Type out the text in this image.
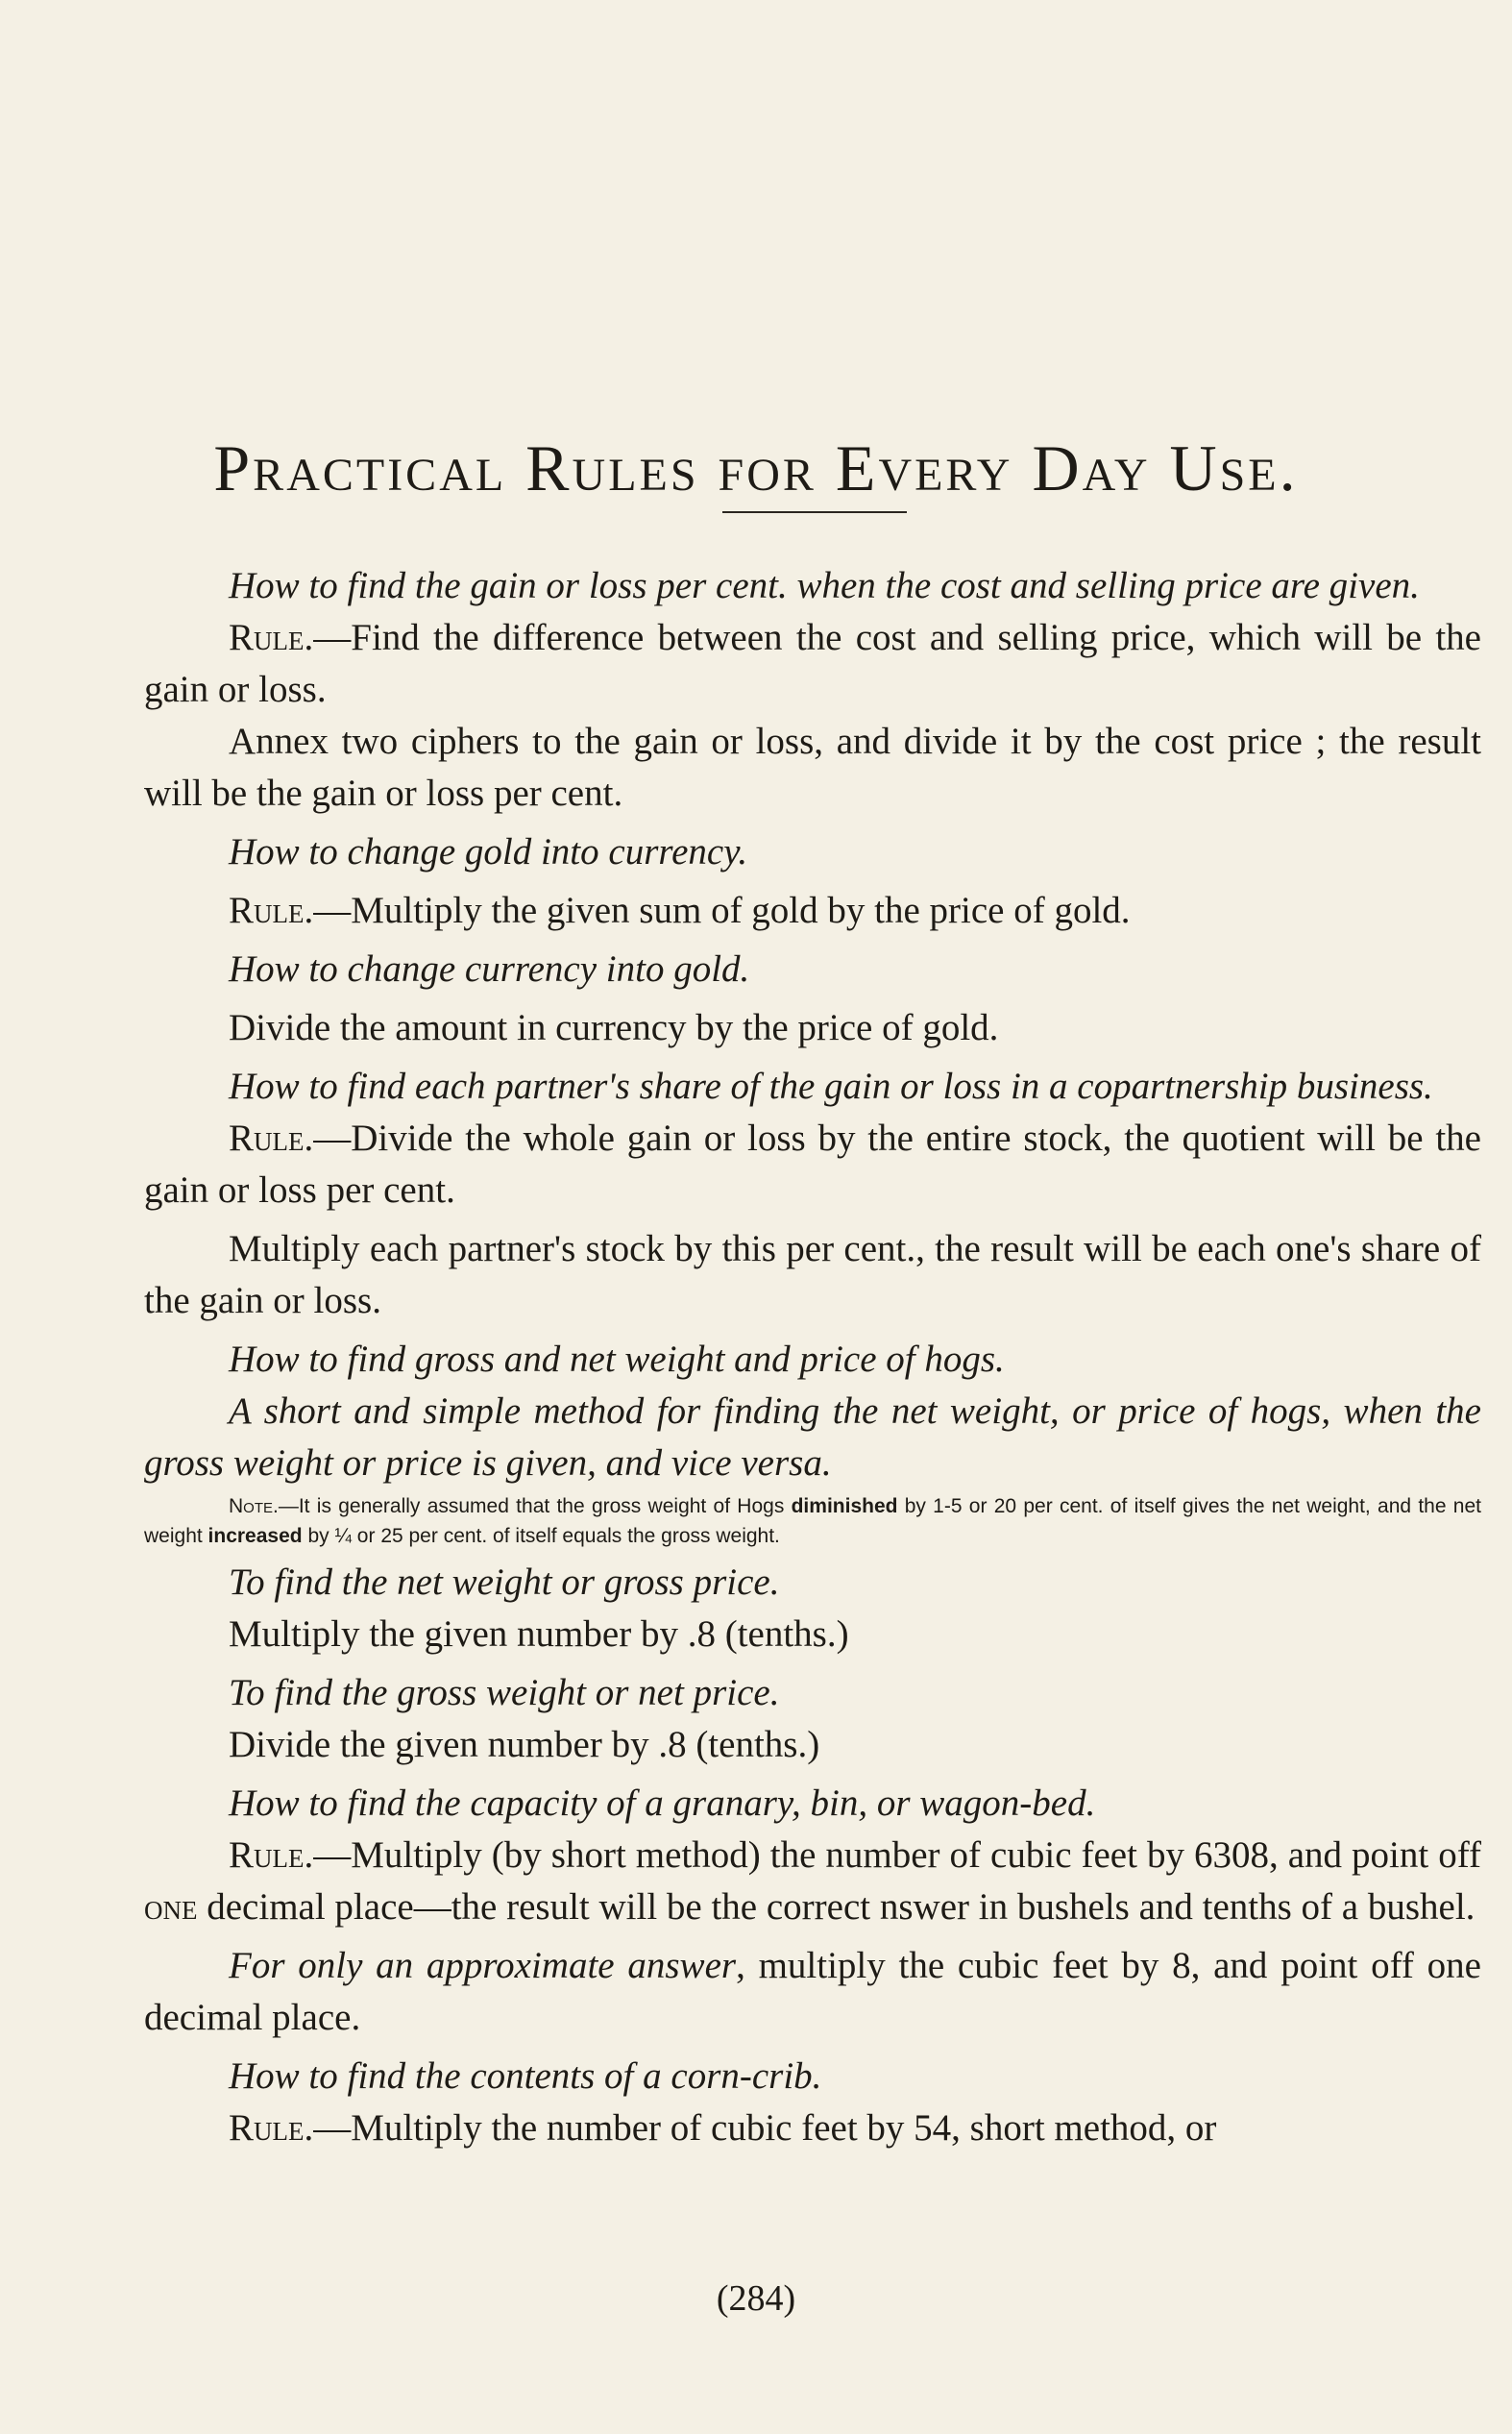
Practical Rules for Every Day Use.

How to find the gain or loss per cent. when the cost and selling price are given.

Rule.—Find the difference between the cost and selling price, which will be the gain or loss.

Annex two ciphers to the gain or loss, and divide it by the cost price ; the result will be the gain or loss per cent.

How to change gold into currency.

Rule.—Multiply the given sum of gold by the price of gold.

How to change currency into gold.

Divide the amount in currency by the price of gold.

How to find each partner's share of the gain or loss in a copartnership business.

Rule.—Divide the whole gain or loss by the entire stock, the quotient will be the gain or loss per cent.

Multiply each partner's stock by this per cent., the result will be each one's share of the gain or loss.

How to find gross and net weight and price of hogs.

A short and simple method for finding the net weight, or price of hogs, when the gross weight or price is given, and vice versa.

Note.—It is generally assumed that the gross weight of Hogs diminished by 1-5 or 20 per cent. of itself gives the net weight, and the net weight increased by ¼ or 25 per cent. of itself equals the gross weight.

To find the net weight or gross price.

Multiply the given number by .8 (tenths.)

To find the gross weight or net price.

Divide the given number by .8 (tenths.)

How to find the capacity of a granary, bin, or wagon-bed.

Rule.—Multiply (by short method) the number of cubic feet by 6308, and point off one decimal place—the result will be the correct nswer in bushels and tenths of a bushel.

For only an approximate answer, multiply the cubic feet by 8, and point off one decimal place.

How to find the contents of a corn-crib.

Rule.—Multiply the number of cubic feet by 54, short method, or

(284)
